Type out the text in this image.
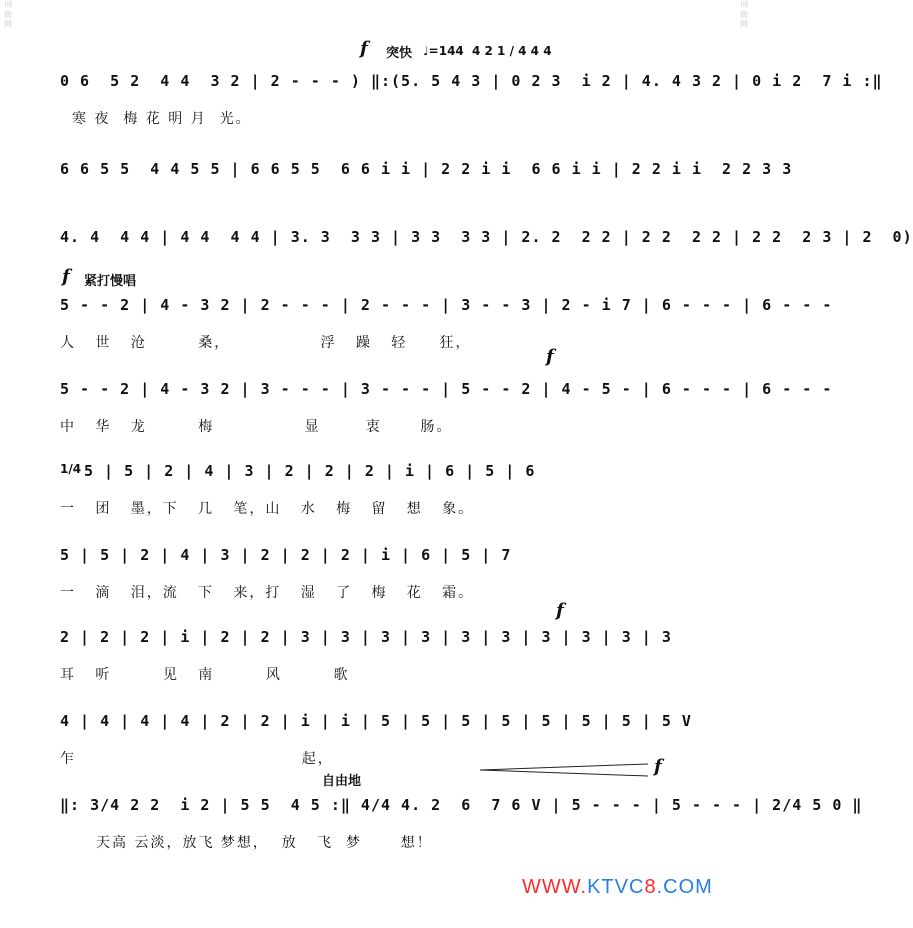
词
曲
网
词
曲
网
f 突快 ♩=144 4 2 1 / 4 4 4
0 6  5 2  4 4  3 2 | 2 - - - ) ‖:(5. 5 4 3 | 0 2 3  i 2 | 4. 4 3 2 | 0 i 2  7 i :‖
寒 夜  梅 花 明 月  光。
6 6 5 5  4 4 5 5 | 6 6 5 5  6 6 i i | 2 2 i i  6 6 i i | 2 2 i i  2 2 3 3
4. 4  4 4 | 4 4  4 4 | 3. 3  3 3 | 3 3  3 3 | 2. 2  2 2 | 2 2  2 2 | 2 2  2 3 | 2  0)
f 紧打慢唱
5 - - 2 | 4 - 3 2 | 2 - - - | 2 - - - | 3 - - 3 | 2 - i 7 | 6 - - - | 6 - - -
人   世   沧        桑，              浮   躁   轻     狂，
f
5 - - 2 | 4 - 3 2 | 3 - - - | 3 - - - | 5 - - 2 | 4 - 5 - | 6 - - - | 6 - - -
中   华   龙        梅              显       衷      肠。
1/4 5 | 5 | 2 | 4 | 3 | 2 | 2 | 2 | i | 6 | 5 | 6
一   团   墨，下   几   笔，山   水   梅   留   想   象。
5 | 5 | 2 | 4 | 3 | 2 | 2 | 2 | i | 6 | 5 | 7
一   滴   泪，流   下   来，打   湿   了   梅   花   霜。
f
2 | 2 | 2 | i | 2 | 2 | 3 | 3 | 3 | 3 | 3 | 3 | 3 | 3 | 3 | 3
耳   听        见   南        风        歌
4 | 4 | 4 | 4 | 2 | 2 | i | i | 5 | 5 | 5 | 5 | 5 | 5 | 5 | 5 V
乍                                   起，
自由地
f
‖: 3/4 2 2  i 2 | 5 5  4 5 :‖ 4/4 4. 2  6  7 6 V | 5 - - - | 5 - - - | 2/4 5 0 ‖
天高 云淡，放飞 梦想，  放   飞  梦      想！
WWW.KTVC8.COM
